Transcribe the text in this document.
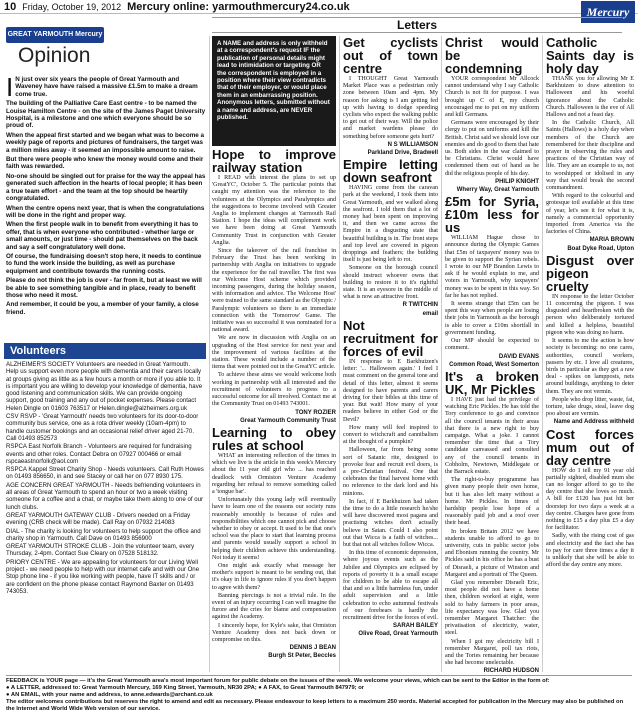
10 Friday, October 19, 2012 Mercury online: yarmouthmercury24.co.uk	Mercury
Letters
GREAT YARMOUTH Mercury
Opinion

I N just over six years the people of Great Yarmouth and Waveney have have raised a massive £1.5m to make a dream come true.

The building of the Palliative Care East centre - to be named the Louise Hamilton Centre - on the site of the James Paget University Hospital, is a milestone and one which everyone should be so proud of.

When the appeal first started and we began what was to become a weekly page of reports and pictures of fundraisers, the target was a million miles away - it seemed an impossible amount to raise.

But there were people who knew the money would come and their faith was rewarded.

No-one should be singled out for praise for the way the appeal has generated such affection in the hearts of local people; it has been a true team effort - and the team at the top should be heartily congratulated.

When the centre opens next year, that is when the congratulations will be done in the right and proper way.

When the first people walk in to benefit from everything it has to offer, that is when everyone who contributed - whether large or small amounts, or just time - should pat themselves on the back and say a self congratulatory well done.

Of course, the fundraising doesn't stop here, it needs to continue to fund the work inside the building, as well as purchase equipment and contribute towards the running costs.

Please do not think the job is over - far from it, but at least we will be able to see something tangible and in place, ready to benefit those who need it most.

And remember, it could be you, a member of your family, a close friend.

Volunteers

ALZHEIMER'S SOCIETY Volunteers are needed in Great Yarmouth. Help us support even more people with dementia and their carers locally at groups giving as little as a few hours a month or more if you able to. It is important you are willing to develop your knowledge of dementia, have good listening and communication skills. We can provide ongoing support, good training and any out of pocket expenses. Please contact Helen Dingle on 01603 763517 or Helen.dingle@alzheimers.org.uk

CSV RSVP - 'Great Yarmouth' needs two volunteers for its door-to-door community bus service, one as a rota driver weekly (10am-4pm) to handle customer bookings and an occasional relief driver aged 21-70. Call 01493 852573

RSPCA East Norfolk Branch - Volunteers are required for fundraising events and other roles. Contact Debra on 07927 000466 or email rspcaeastnorfolk@aol.com

RSPCA Kappel Street Charity Shop - Needs volunteers. Call Ruth Howes on 01493 856650, in and see Stacey or call her on 077 8930 175.

AGE CONCERN GREAT YARMOUTH - Needs befriending volunteers in all areas of Great Yarmouth to spend an hour or two a week visiting someone for a coffee and a chat, or maybe take them along to one of our lunch clubs.

GREAT YARMOUTH GATEWAY CLUB - Drivers needed on a Friday evening (CRB check will be made). Call Ray on 07932 214083

DIAL - The charity is looking for volunteers to help support the office and charity shop in Yarmouth. Call Dave on 01493 856900

GREAT YARMOUTH STROKE CLUB - Join the volunteer team, every Thursday, 2-4pm. Contact Sue Cleary on 07528 518132.

PRIORY CENTRE - We are appealing for volunteers for our Living Well project - we need people to help with our internet cafe and with our One Stop phone line - if you like working with people, have IT skills and / or are confident on the phone please contact Raymond Baxter on 01493 743053.

A NAME and address is only withheld at a correspondent's request IF the publication of personal details might lead to intimidation or targeting OR the correspondent is employed in a position where their view contradicts that of their employer, or would place them in an embarrassing position. Anonymous letters, submitted without a name and address, are NEVER published.

Hope to improve railway station

I READ with interest the plans to set up 'GreatYC', October 5. The particular points that caught my attention was the reference to the volunteers at the Olympics and Paralympics and the suggestions to become involved with Greater Anglia to implement changes at Yarmouth Rail Station. I hope the ideas will complement work we have been doing at Great Yarmouth Community Trust in conjunction with Greater Anglia.

Since the takeover of the rail franchise in February the Trust has been working in partnership with Anglia on initiatives to upgrade the experience for the rail traveller. The first was our Welcome Host scheme which provided incoming passengers, during the holiday season, with information and advice. The Welcome Host' were trained to the same standard as the Olympic / Paralympic volunteers so there is an immediate connection with the 'Tomorrow' Game. The initiative was so successful it was nominated for a national award.

We are now in discussion with Anglia on an upgrading of the Host service for next year and the improvement of various facilities at the station. These would include a number of the items that were pointed out in the GreatYC article.

To achieve these aims we would welcome both working in partnership with all interested and the recruitment of volunteers to progress to a successful outcome for all involved. Contact me at the Community Trust on 01493 743001.

TONY ROZIER

Great Yarmouth Community Trust

Learning to obey rules at school

WHAT an interesting reflection of the times in which we live is the article in this week's Mercury about the 11 year old girl who ... has reached deadlock with Ormiston Venture Academy regarding her refusal to remove something called a 'tongue bar'.

Unfortunately this young lady will eventually have to learn one of the reasons our society runs reasonably smoothly is because of rules and responsibilities which one cannot pick and choose whether to obey or accept. It used to be that one's school was the place to start that learning process and parents would usually support a school in helping their children achieve this understanding. Not today it seems!

One might ask exactly what message her mother's support is meant to be sending out, that it's okay in life to ignore rules if you don't happen to agree with them?

Banning piercings is not a trivial rule. In the event of an injury occurring I can well imagine the furore and the cries for blame and compensation against the Academy.

I sincerely hope, for Kyle's sake, that Ormiston Venture Academy does not back down or compromise on this.

DENNIS J BEAN

Burgh St Peter, Beccles

Get cyclists out of town centre

I THOUGHT Great Yarmouth Market Place was a pedestrian only zone between 10am and 4pm. My reason for asking is I am getting fed up with having to dodge speeding cyclists who expect the walking public to get out of their way. Will the police and market wardens please do something before someone gets hurt?

N S WILLIAMSON

Parkland Drive, Bradwell

Empire letting down seafront

HAVING come from the caravan park at the weekend, I took them into Great Yarmouth, and we walked along the seafront. I told them that a lot of money had been spent on improving it, and then we came across the Empire in a disgusting state that beautiful building is in. The front steps and top level are covered in pigeon droppings and feathers; the building itself is just being left to rot.

Someone on the borough council should instruct whoever owns that building to restore it to it's rightful state. It is an eyesore in the middle of what is now an attractive front.

R TWITCHIN

email

Not recruitment for forces of evil

IN response to E Barkhuizen's letter: '... Halloween again.' I feel I must comment on the general tone and detail of this letter, almost it seems designed to have parents and carers driving for their bibles at this time of year. But wait! How many of your readers believe in either God or the Devil?

How many will feel inspired to convert to witchcraft and cannibalism at the thought of a pumpkin?

Halloween, far from being some sort of Satanic rite, designed to provoke fear and recruit evil doers, is a pre-Christian festival. One that celebrates the final harvest home with no reference to the dark lord and his minions.

In fact, if E Barkhuizen had taken the time to do a little research he/she will have discovered most pagans and practising witches don't actually believe in Satan. Could I also point out that Wicca is a faith of witches... but that not all witches follow Wicca.

In this time of economic depression, where joyous events such as the Jubilee and Olympics are eclipsed by reports of poverty it is a small escape for children to be able to escape all that and so a little harmless fun, under adult supervision and a little celebration to echo autumnal festivals of our forebears is hardly the recruitment drive for the forces of evil.

SARAH BAILEY

Olive Road, Great Yarmouth

Christ would be condemning

YOUR correspondent Mr Allcock cannot understand why I say Catholic Church is not fit for purpose. I was brought up C of E, my church encouraged me to put on my uniform and kill Germans.

Germans were encouraged by their clergy to put on uniforms and kill the British. Christ said we should love our enemies and do good to them that hate us. Both sides in the war claimed to be Christians. Christ would have condemned them out of hand as he did the religious people of his day.

PHILIP KNIGHT

Wherry Way, Great Yarmouth

£5m for Syria, £10m less for us

WILLIAM Hague chose to announce during the Olympic Games that £5m of taxpayers' money was to be given to support the Syrian rebels. I wrote to our MP Brandon Lewis to ask if he would explain to me, and voters in Yarmouth, why taxpayers' money was to be spent in this way. So far he has not replied.

It seems strange that £5m can be spent this way when people are losing their jobs in Yarmouth as the borough is able to cover a £10m shortfall in government funding.

Our MP should be expected to comment.

DAVID EVANS

Common Road, West Somerton

It's a broken UK, Mr Pickles

I HAVE just had the privilege of watching Eric Pickles. He has told the Tory conference to go and convince all the council tenants in their areas that there is a new right to buy campaign. What a joke. I cannot remember the time that a Tory candidate canvassed and consulted any of the council tenants in Cobholm, Newtown, Middlegate or the Barrack estate.

The right-to-buy programme has given many people their own home, but it has also left many without a home. Mr Pickles. In times of hardship people lose hope of a reasonably paid job and a roof over their head.

In broken Britain 2012 we have students unable to afford to go to university, cuts in public sector jobs and Ebonism running the country. Mr Pickles said in his office he has a bust of Disraeli, a picture of Winston and Margaret and a portrait of The Queen.

Glad you remember Disraeli Eric, most people did not have a home then, children worked at eight, were sold to baby farmers in poor areas, life expectancy was low. Glad you remember Margaret Thatcher: the privatisation of electricity, water, steel.

When I got my electricity bill I remember Margaret, poll tax riots, and the Tories remaining her because she had become unelectable.

RICHARD HUDSON

Catholic Saints day is holy day

THANK you for allowing Mr E Barkhuizen to draw attention to Halloween and his woeful ignorance about the Catholic Church. Halloween is the eve of All Hallows and not a feast day.

In the Catholic Church, All Saints (Hallows) is a holy day when members of the Church are remembered for their discipline and prayer in observing the rules and practices of the Christian way of life. They are an example to us, not to worshipped or idolised in any way that would break the second commandment.

With regard to the colourful and grotesque toil available at this time of year, let's see it for what it is, namely a commercial opportunity imported from America via the factories of China.

MARIA BROWN

Boat Dyke Road, Upton

Disgust over pigeon cruelty

IN response to the letter October 11 concerning the pigeon. I was disgusted and heartbroken with the person who deliberately tortured and killed a helpless, beautiful pigeon who was doing no harm.

It seems to me the action is how society is becoming: no one cares, authorities, council workers, passers by etc. I love all creatures, birds in particular as they get a raw deal - spikes on lampposts, nets around buildings, anything to deter them. They are not vermin.

People who drop litter, waste, fat, torture, take drugs, steal, leave dog poo about are vermin.

Name and Address withheld

Cost forces mum out of day centre

HOW do I tell my 91 year old partially sighted, disabled mum she can no longer afford to go to the day centre that she loves so much. A bill for £120 has just hit her doorstep for two days a week at a day centre. Charges have gone from nothing to £15 a day plus £5 a day for facilitator.

Sadly, with the rising cost of gas and electricity and the fact she has to pay for care three times a day it is unlikely that she will be able to afford the day centre any more.

FEEDBACK is YOUR page — it's the Great Yarmouth area's most important forum for public debate on the issues of the week. We welcome your views, which can be sent to the Editor in the form of:
● A LETTER, addressed to: Great Yarmouth Mercury, 169 King Street, Yarmouth, NR30 2PA; ● A FAX, to Great Yarmouth 847979; or
● AN EMAIL, with your name and address, to anne.edwards@archant.co.uk
The editor welcomes contributions but reserves the right to amend and edit as necessary. Please endeavour to keep letters to a maximum 250 words. Material accepted for publication in the Mercury may also be published on the Internet and World Wide Web version of our service.
